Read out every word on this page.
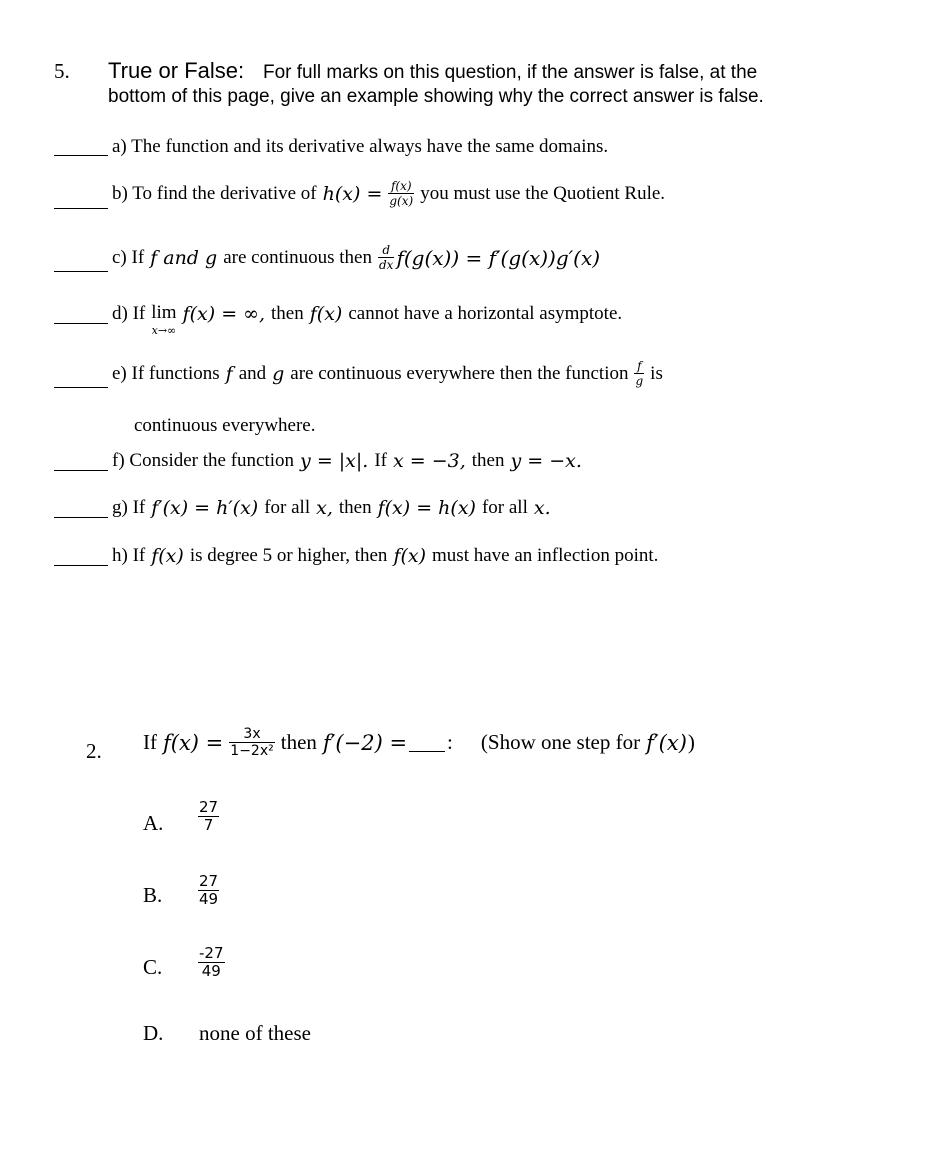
5. True or False: For full marks on this question, if the answer is false, at the
bottom of this page, give an example showing why the correct answer is false.
a) The function and its derivative always have the same domains.
b) To find the derivative of $h(x) = \frac{f(x)}{g(x)}$ you must use the Quotient Rule.
c) If f and g are continuous then $\frac{d}{dx} f(g(x)) = f'(g(x))g'(x)$
d) If lim
x→∞
f(x) = ∞, then f(x) cannot have a horizontal asymptote.
e) If functions f and g are continuous everywhere then the function $\frac{f}{g}$ is
continuous everywhere.
f) Consider the function y = |x|. If x = −3, then y = −x.
g) If f′(x) = h′(x) for all x, then f(x) = h(x) for all x.
h) If f(x) is degree 5 or higher, then f(x) must have an inflection point.
2. If $f(x) = \frac{3x}{\text{1−2x²}}$ then f′(−2) = : (Show one step for f′(x) )
A. $\frac{27}{7}$
B. $\frac{27}{49}$
C. $\frac{-27}{49}$
D. none of these
